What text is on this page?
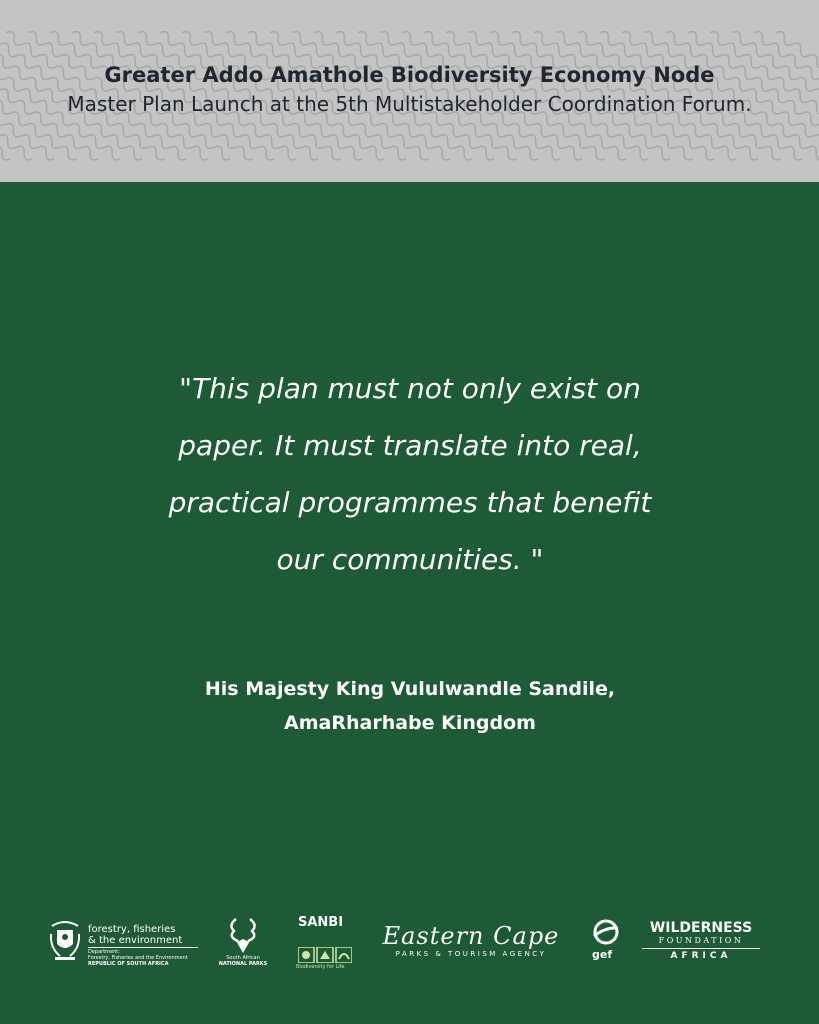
Greater Addo Amathole Biodiversity Economy Node
Master Plan Launch at the 5th Multistakeholder Coordination Forum.
"This plan must not only exist on
paper. It must translate into real,
practical programmes that benefit
our communities. "
His Majesty King Vululwandle Sandile,
AmaRharhabe Kingdom
forestry, fisheries
& the environment
Department:
Forestry, Fisheries and the Environment
REPUBLIC OF SOUTH AFRICA
South African
NATIONAL PARKS
SANBI
Biodiversity for Life
Eastern Cape
PARKS & TOURISM AGENCY	gef
WILDERNESS
FOUNDATION
AFRICA
